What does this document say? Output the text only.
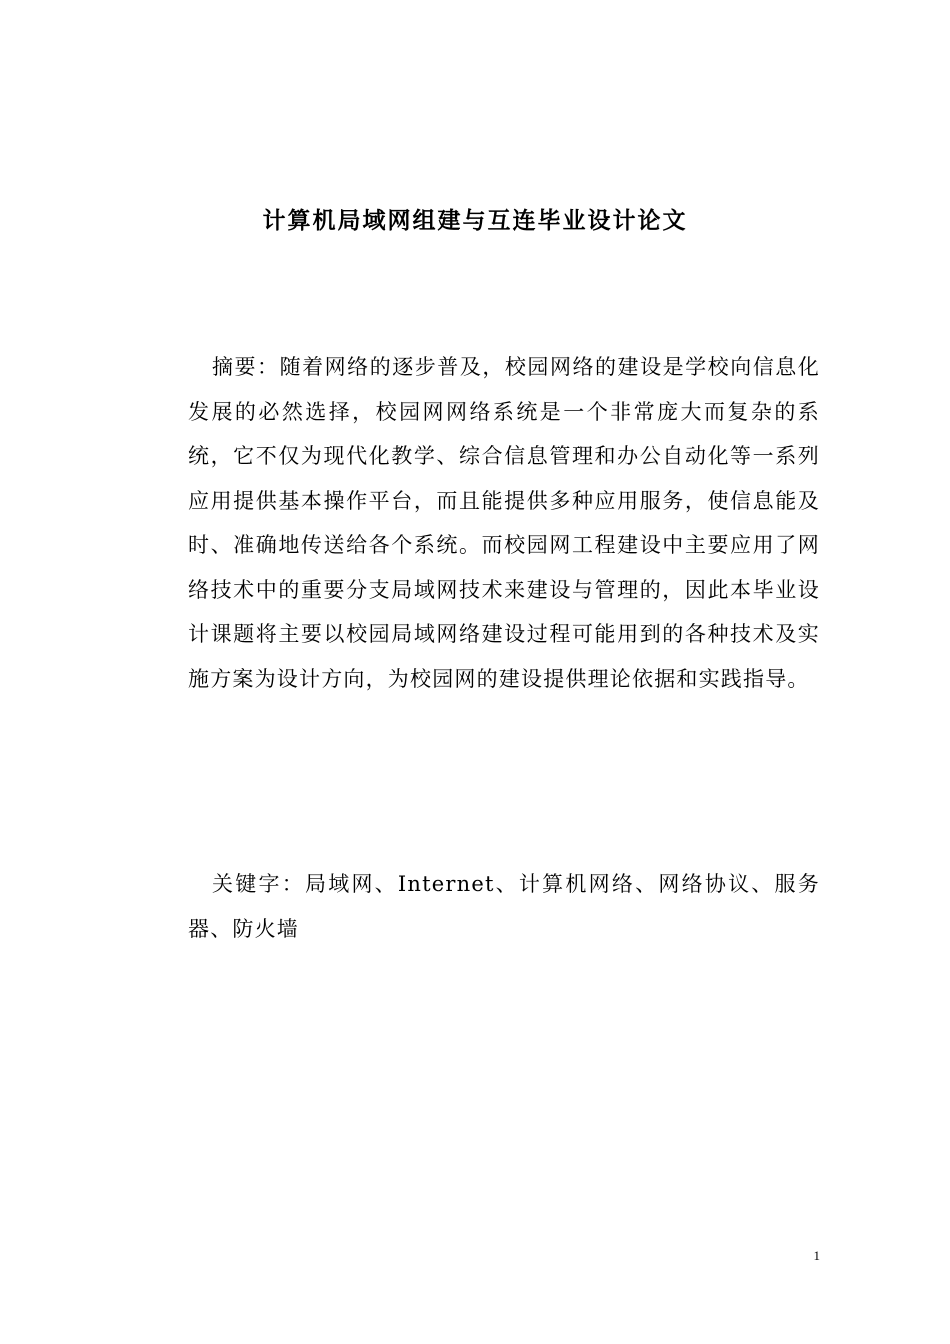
计算机局域网组建与互连毕业设计论文
摘要：随着网络的逐步普及，校园网络的建设是学校向信息化发展的必然选择，校园网网络系统是一个非常庞大而复杂的系统，它不仅为现代化教学、综合信息管理和办公自动化等一系列应用提供基本操作平台，而且能提供多种应用服务，使信息能及时、准确地传送给各个系统。而校园网工程建设中主要应用了网络技术中的重要分支局域网技术来建设与管理的，因此本毕业设计课题将主要以校园局域网络建设过程可能用到的各种技术及实施方案为设计方向，为校园网的建设提供理论依据和实践指导。
关键字：局域网、Internet、计算机网络、网络协议、服务器、防火墙
1
